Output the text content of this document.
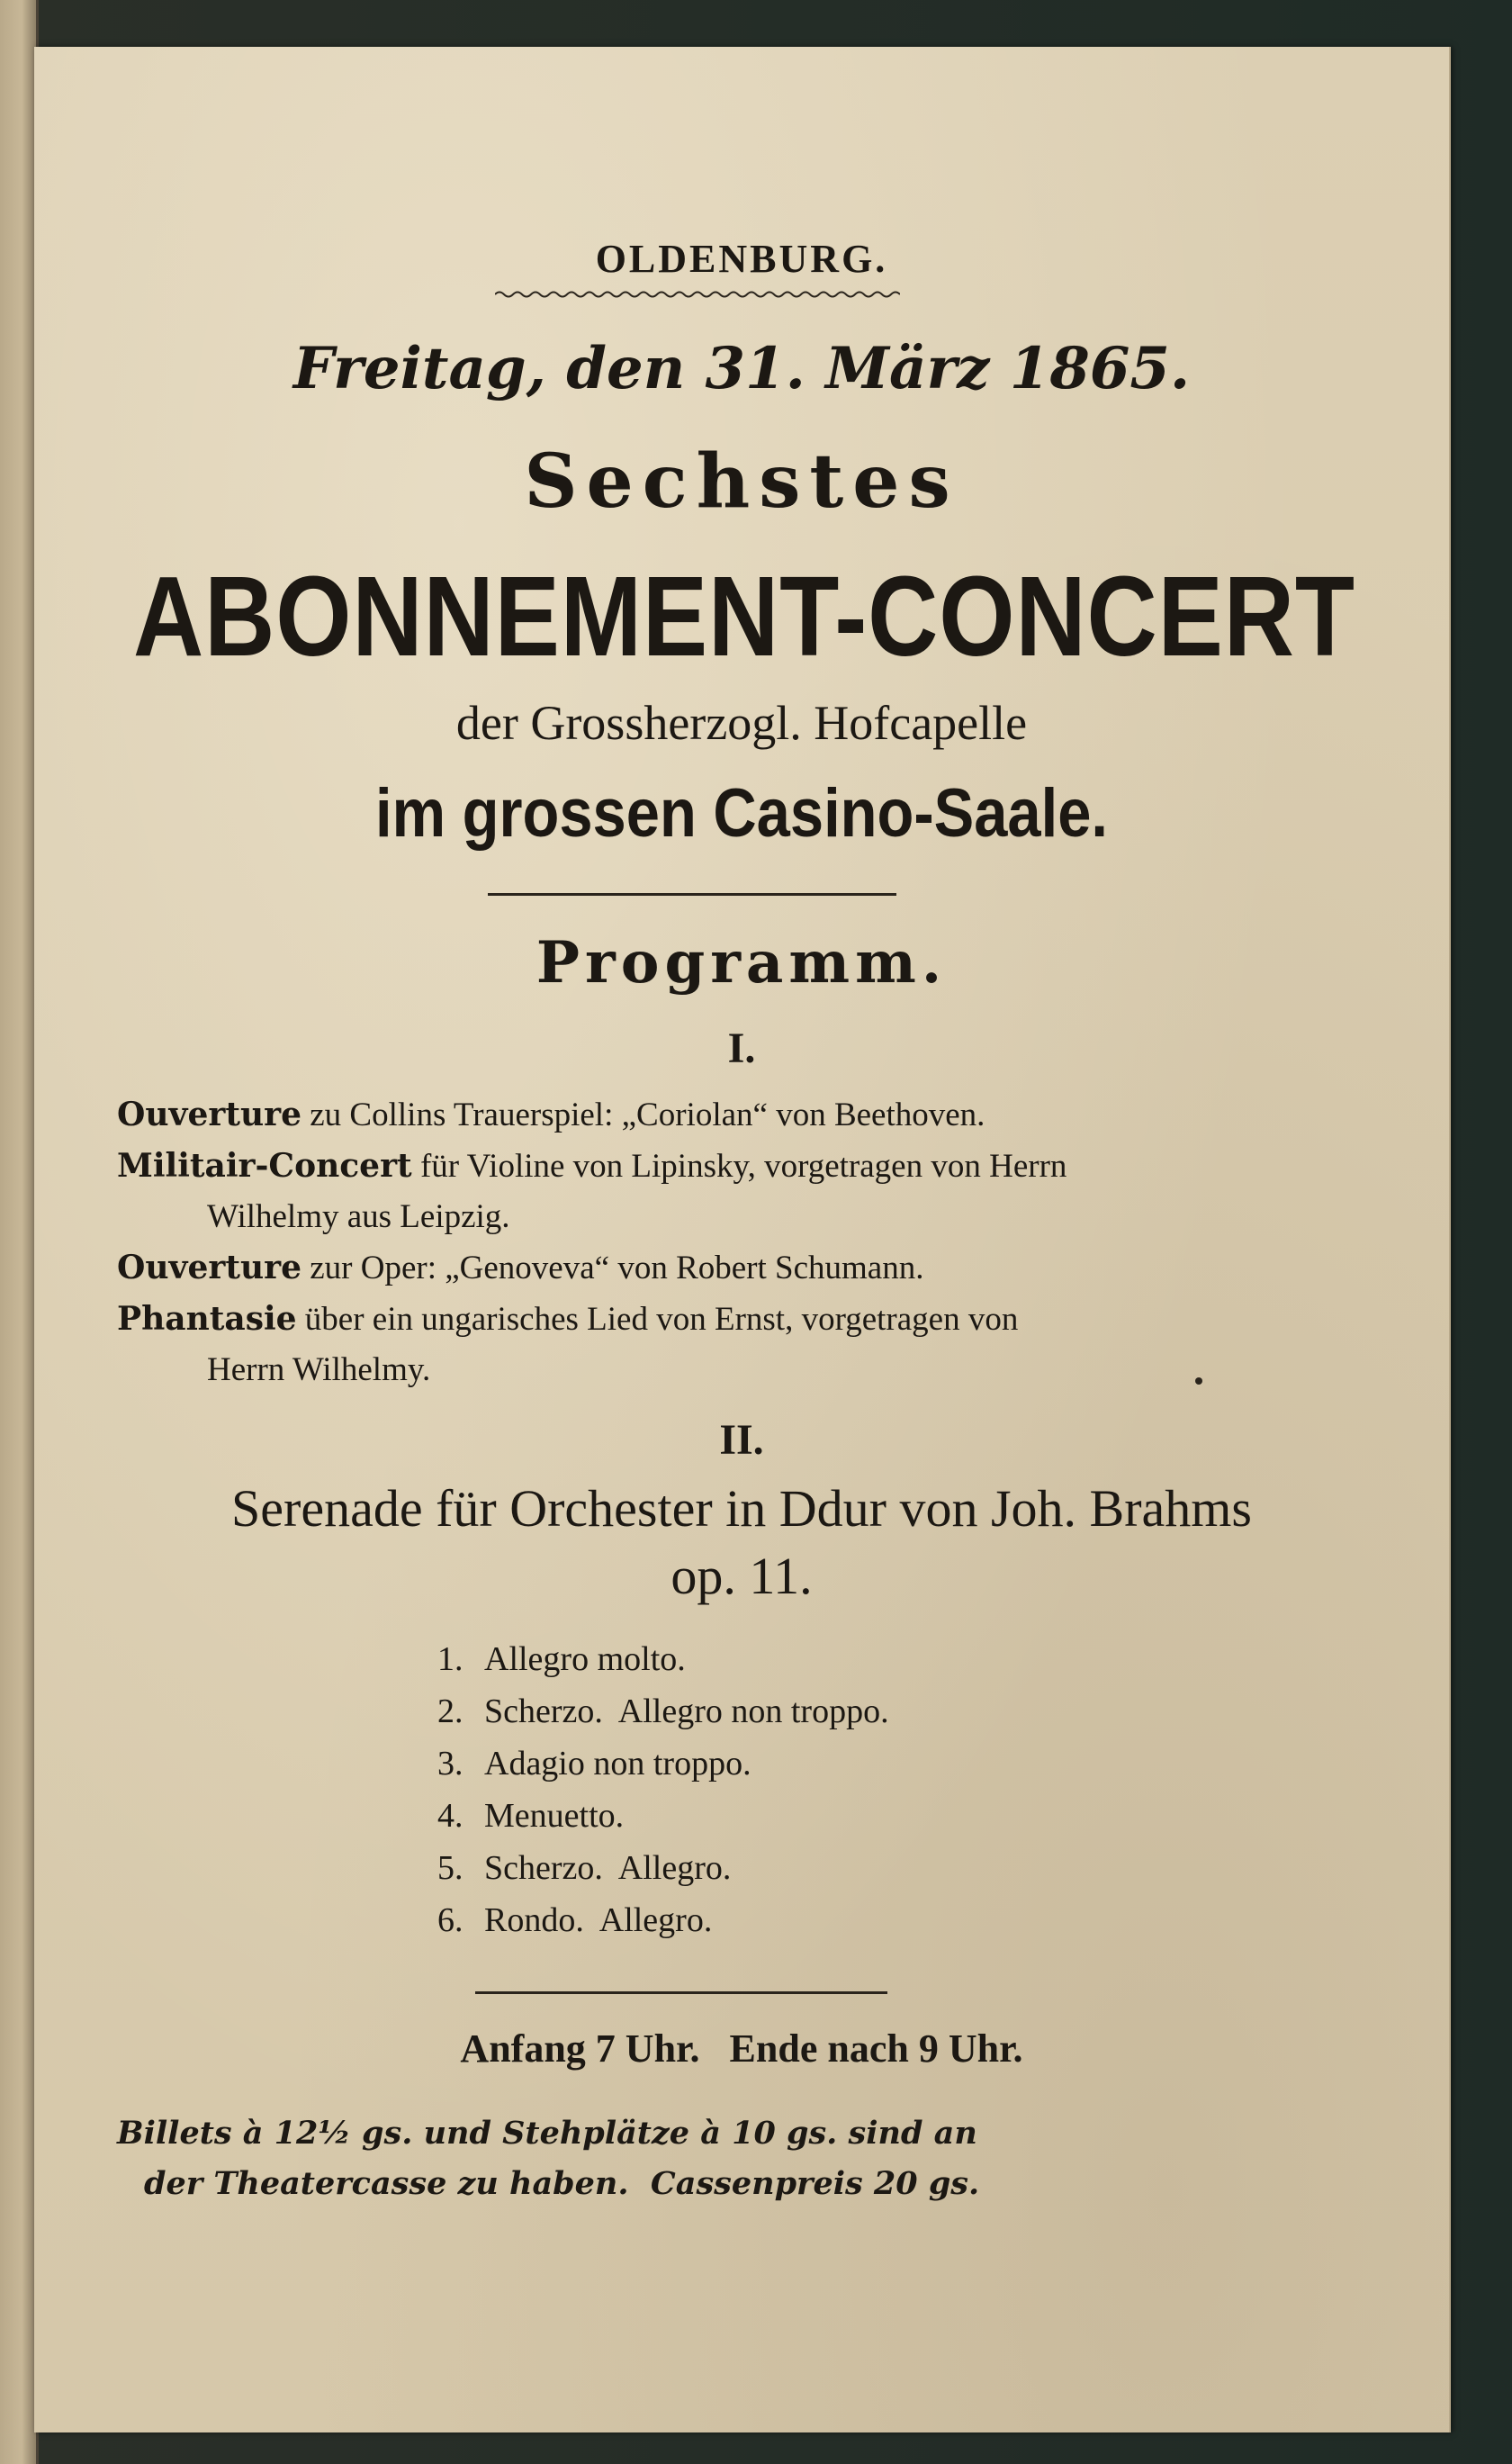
OLDENBURG.
Freitag, den 31. März 1865.
Sechstes
ABONNEMENT-CONCERT
der Grossherzogl. Hofcapelle
im grossen Casino-Saale.
Programm.
I.
Ouverture zu Collins Trauerspiel: „Coriolan“ von Beethoven.
Militair-Concert für Violine von Lipinsky, vorgetragen von Herrn
Wilhelmy aus Leipzig.
Ouverture zur Oper: „Genoveva“ von Robert Schumann.
Phantasie über ein ungarisches Lied von Ernst, vorgetragen von
Herrn Wilhelmy.
II.
Serenade für Orchester in Ddur von Joh. Brahms
op. 11.
1. Allegro molto.
2. Scherzo.  Allegro non troppo.
3. Adagio non troppo.
4. Menuetto.
5. Scherzo.  Allegro.
6. Rondo.  Allegro.
Anfang 7 Uhr.   Ende nach 9 Uhr.
Billets à 12½ gs. und Stehplätze à 10 gs. sind an
der Theatercasse zu haben.  Cassenpreis 20 gs.
